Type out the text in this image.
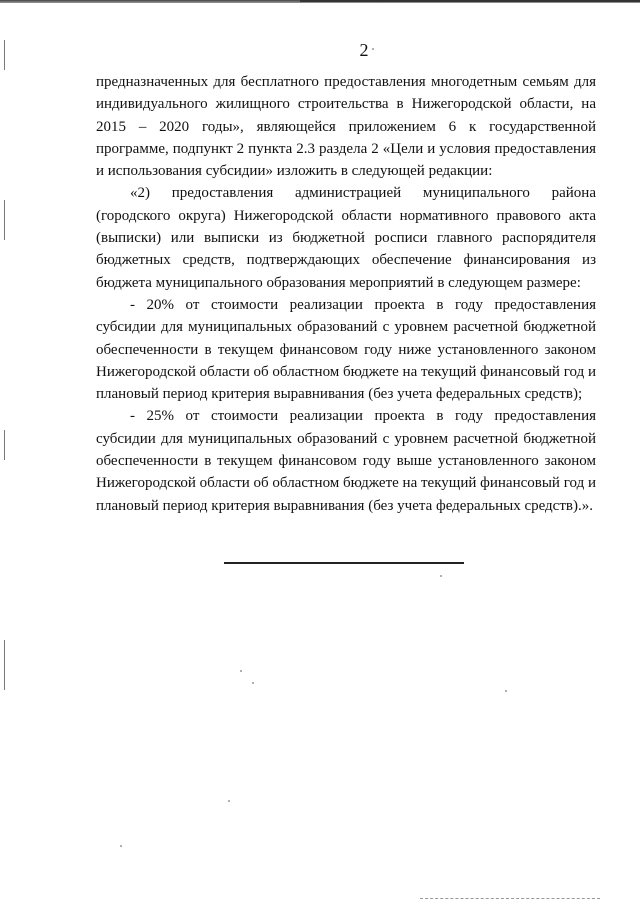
2

предназначенных для бесплатного предоставления многодетным семьям для индивидуального жилищного строительства в Нижегородской области, на 2015 – 2020 годы», являющейся приложением 6 к государственной программе, подпункт 2 пункта 2.3 раздела 2 «Цели и условия предоставления и использования субсидии» изложить в следующей редакции:

«2) предоставления администрацией муниципального района (городского округа) Нижегородской области нормативного правового акта (выписки) или выписки из бюджетной росписи главного распорядителя бюджетных средств, подтверждающих обеспечение финансирования из бюджета муниципального образования мероприятий в следующем размере:

- 20% от стоимости реализации проекта в году предоставления субсидии для муниципальных образований с уровнем расчетной бюджетной обеспеченности в текущем финансовом году ниже установленного законом Нижегородской области об областном бюджете на текущий финансовый год и плановый период критерия выравнивания (без учета федеральных средств);

- 25% от стоимости реализации проекта в году предоставления субсидии для муниципальных образований с уровнем расчетной бюджетной обеспеченности в текущем финансовом году выше установленного законом Нижегородской области об областном бюджете на текущий финансовый год и плановый период критерия выравнивания (без учета федеральных средств).».
